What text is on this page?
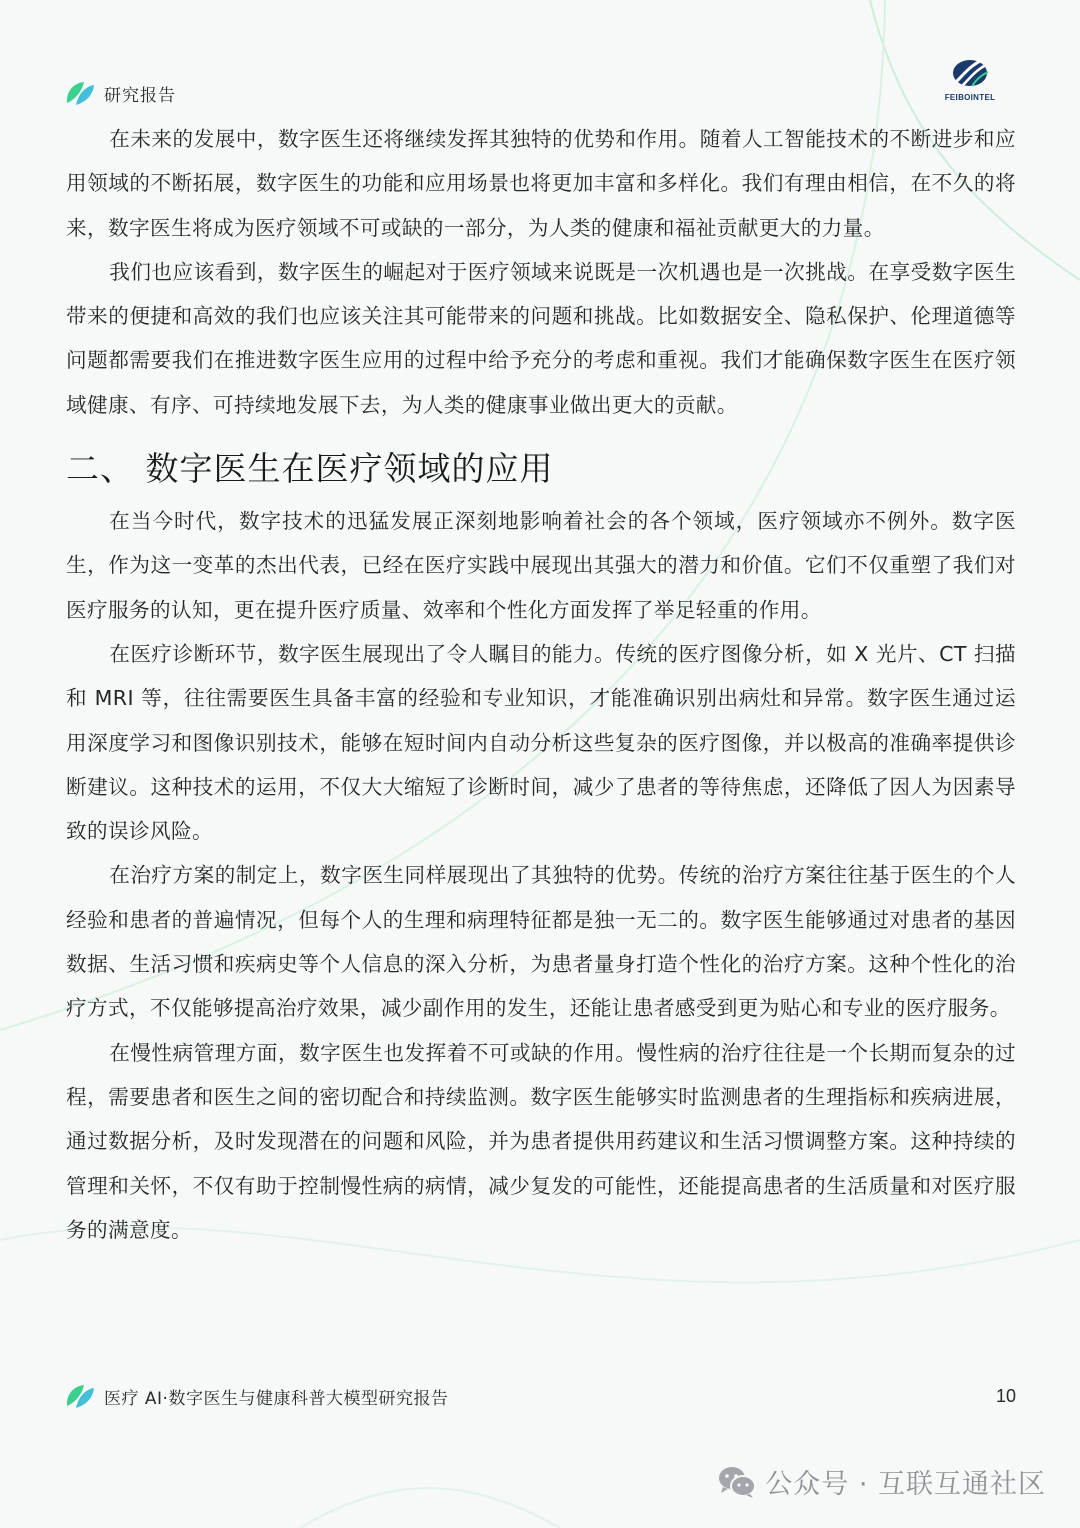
研究报告	FEIBOINTEL

在未来的发展中，数字医生还将继续发挥其独特的优势和作用。随着人工智能技术的不断进步和应用领域的不断拓展，数字医生的功能和应用场景也将更加丰富和多样化。我们有理由相信，在不久的将来，数字医生将成为医疗领域不可或缺的一部分，为人类的健康和福祉贡献更大的力量。

我们也应该看到，数字医生的崛起对于医疗领域来说既是一次机遇也是一次挑战。在享受数字医生带来的便捷和高效的我们也应该关注其可能带来的问题和挑战。比如数据安全、隐私保护、伦理道德等问题都需要我们在推进数字医生应用的过程中给予充分的考虑和重视。我们才能确保数字医生在医疗领域健康、有序、可持续地发展下去，为人类的健康事业做出更大的贡献。

二、 数字医生在医疗领域的应用

在当今时代，数字技术的迅猛发展正深刻地影响着社会的各个领域，医疗领域亦不例外。数字医生，作为这一变革的杰出代表，已经在医疗实践中展现出其强大的潜力和价值。它们不仅重塑了我们对医疗服务的认知，更在提升医疗质量、效率和个性化方面发挥了举足轻重的作用。

在医疗诊断环节，数字医生展现出了令人瞩目的能力。传统的医疗图像分析，如 X 光片、CT 扫描和 MRI 等，往往需要医生具备丰富的经验和专业知识，才能准确识别出病灶和异常。数字医生通过运用深度学习和图像识别技术，能够在短时间内自动分析这些复杂的医疗图像，并以极高的准确率提供诊断建议。这种技术的运用，不仅大大缩短了诊断时间，减少了患者的等待焦虑，还降低了因人为因素导致的误诊风险。

在治疗方案的制定上，数字医生同样展现出了其独特的优势。传统的治疗方案往往基于医生的个人经验和患者的普遍情况，但每个人的生理和病理特征都是独一无二的。数字医生能够通过对患者的基因数据、生活习惯和疾病史等个人信息的深入分析，为患者量身打造个性化的治疗方案。这种个性化的治疗方式，不仅能够提高治疗效果，减少副作用的发生，还能让患者感受到更为贴心和专业的医疗服务。

在慢性病管理方面，数字医生也发挥着不可或缺的作用。慢性病的治疗往往是一个长期而复杂的过程，需要患者和医生之间的密切配合和持续监测。数字医生能够实时监测患者的生理指标和疾病进展，通过数据分析，及时发现潜在的问题和风险，并为患者提供用药建议和生活习惯调整方案。这种持续的管理和关怀，不仅有助于控制慢性病的病情，减少复发的可能性，还能提高患者的生活质量和对医疗服务的满意度。

医疗 AI·数字医生与健康科普大模型研究报告	10
公众号 · 互联互通社区
